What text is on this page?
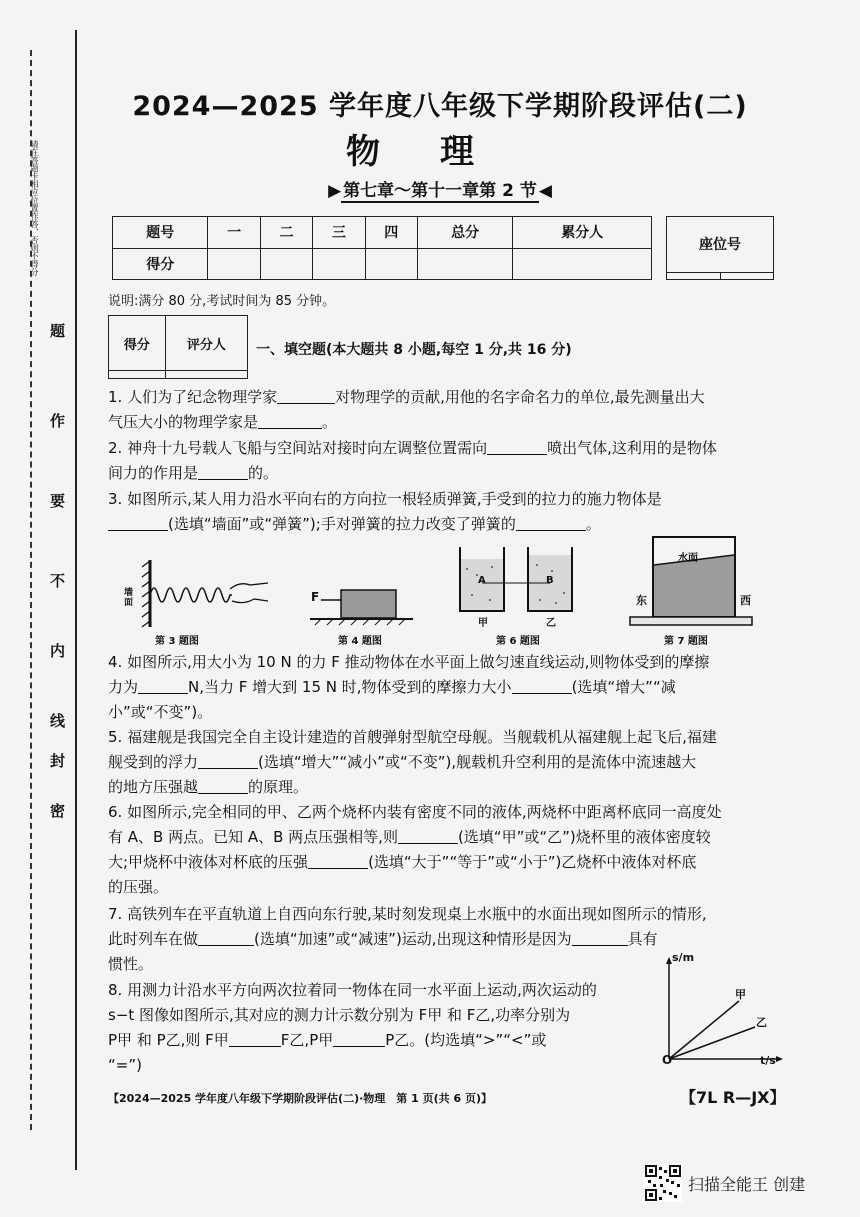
请在答题卡相应位置作答，否则不得分
题
作
要
不
内
线
封
密
2024—2025 学年度八年级下学期阶段评估(二)
物理
▶ 第七章～第十一章第 2 节 ◀
题号	一	二	三	四	总分	累分人
得分						
座位号

说明:满分 80 分,考试时间为 85 分钟。
得分	评分人
	一、填空题(本大题共 8 小题,每空 1 分,共 16 分)
1. 人们为了纪念物理学家	对物理学的贡献,用他的名字命名力的单位,最先测量出大
气压大小的物理学家是	。
2. 神舟十九号载人飞船与空间站对接时向左调整位置需向	喷出气体,这利用的是物体
间力的作用是	的。
3. 如图所示,某人用力沿水平向右的方向拉一根轻质弹簧,手受到的拉力的施力物体是
(选填“墙面”或“弹簧”);手对弹簧的拉力改变了弹簧的	。
墙面
第 3 题图
F
第 4 题图
A	B
甲	乙
第 6 题图
水面
东	西
第 7 题图
4. 如图所示,用大小为 10 N 的力 F 推动物体在水平面上做匀速直线运动,则物体受到的摩擦
力为	N,当力 F 增大到 15 N 时,物体受到的摩擦力大小	(选填“增大”“减
小”或“不变”)。
5. 福建舰是我国完全自主设计建造的首艘弹射型航空母舰。当舰载机从福建舰上起飞后,福建
舰受到的浮力	(选填“增大”“减小”或“不变”),舰载机升空利用的是流体中流速越大
的地方压强越	的原理。
6. 如图所示,完全相同的甲、乙两个烧杯内装有密度不同的液体,两烧杯中距离杯底同一高度处
有 A、B 两点。已知 A、B 两点压强相等,则	(选填“甲”或“乙”)烧杯里的液体密度较
大;甲烧杯中液体对杯底的压强	(选填“大于”“等于”或“小于”)乙烧杯中液体对杯底
的压强。
7. 高铁列车在平直轨道上自西向东行驶,某时刻发现桌上水瓶中的水面出现如图所示的情形,
此时列车在做	(选填“加速”或“减速”)运动,出现这种情形是因为	具有
惯性。
8. 用测力计沿水平方向两次拉着同一物体在同一水平面上运动,两次运动的
s−t 图像如图所示,其对应的测力计示数分别为 F甲 和 F乙,功率分别为
P甲 和 P乙,则 F甲	F乙,P甲	P乙。(均选填“>”“<”或
“=”)
s/m
t/s
O
甲
乙
【2024—2025 学年度八年级下学期阶段评估(二)·物理　第 1 页(共 6 页)】	【7L R—JX】
扫描全能王 创建
